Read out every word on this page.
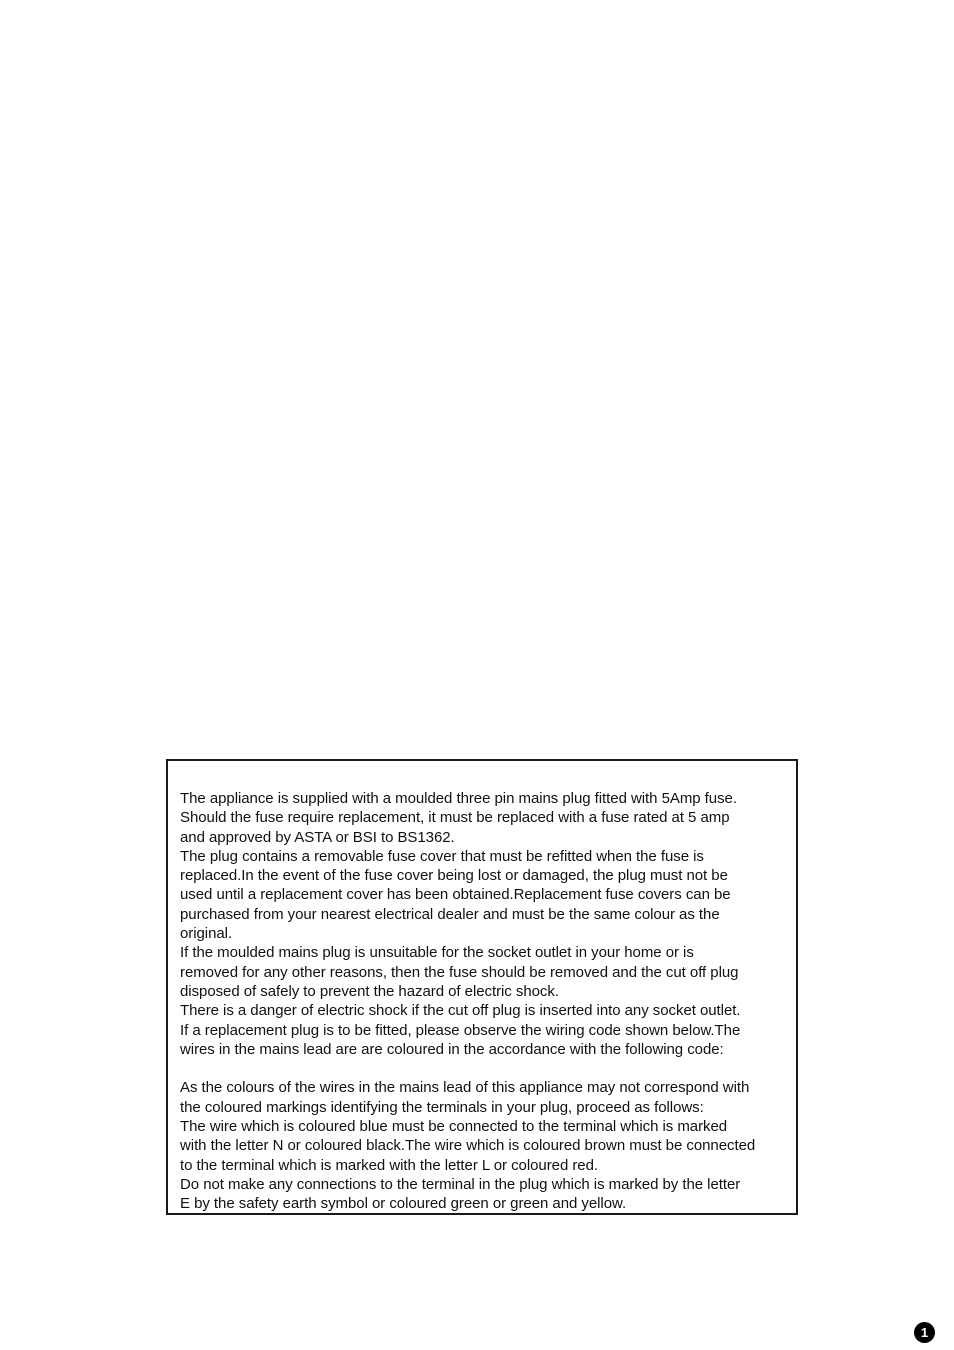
The appliance is supplied with a moulded three pin mains plug fitted with 5Amp fuse.
Should the fuse require replacement, it must be replaced with a fuse rated at 5 amp
and approved by ASTA or BSI to BS1362.
The plug contains a removable fuse cover that must be refitted when the fuse is
replaced.In the event of the fuse cover being lost or damaged, the plug must not be
used until a replacement cover has been obtained.Replacement fuse covers can be
purchased from your nearest electrical dealer and must be the same colour as the
original.
If the moulded mains plug is unsuitable for the socket outlet in your home or is
removed for any other reasons, then the fuse should be removed and the cut off plug
disposed of safely to prevent the hazard of electric shock.
There is a danger of electric shock if the cut off plug is inserted into any socket outlet.
If a replacement plug is to be fitted, please observe the wiring code shown below.The
wires in the mains lead are are coloured in the accordance with the following code:
As the colours of the wires in the mains lead of this appliance may not correspond with
the coloured markings identifying the terminals in your plug, proceed as follows:
The wire which is coloured blue must be connected to the terminal which is marked
with the letter N or coloured black.The wire which is coloured brown must be connected
to the terminal which is marked with the letter L or coloured red.
Do not make any connections to the terminal in the plug which is marked by the letter
E by the safety earth symbol or coloured green or green and yellow.
1
